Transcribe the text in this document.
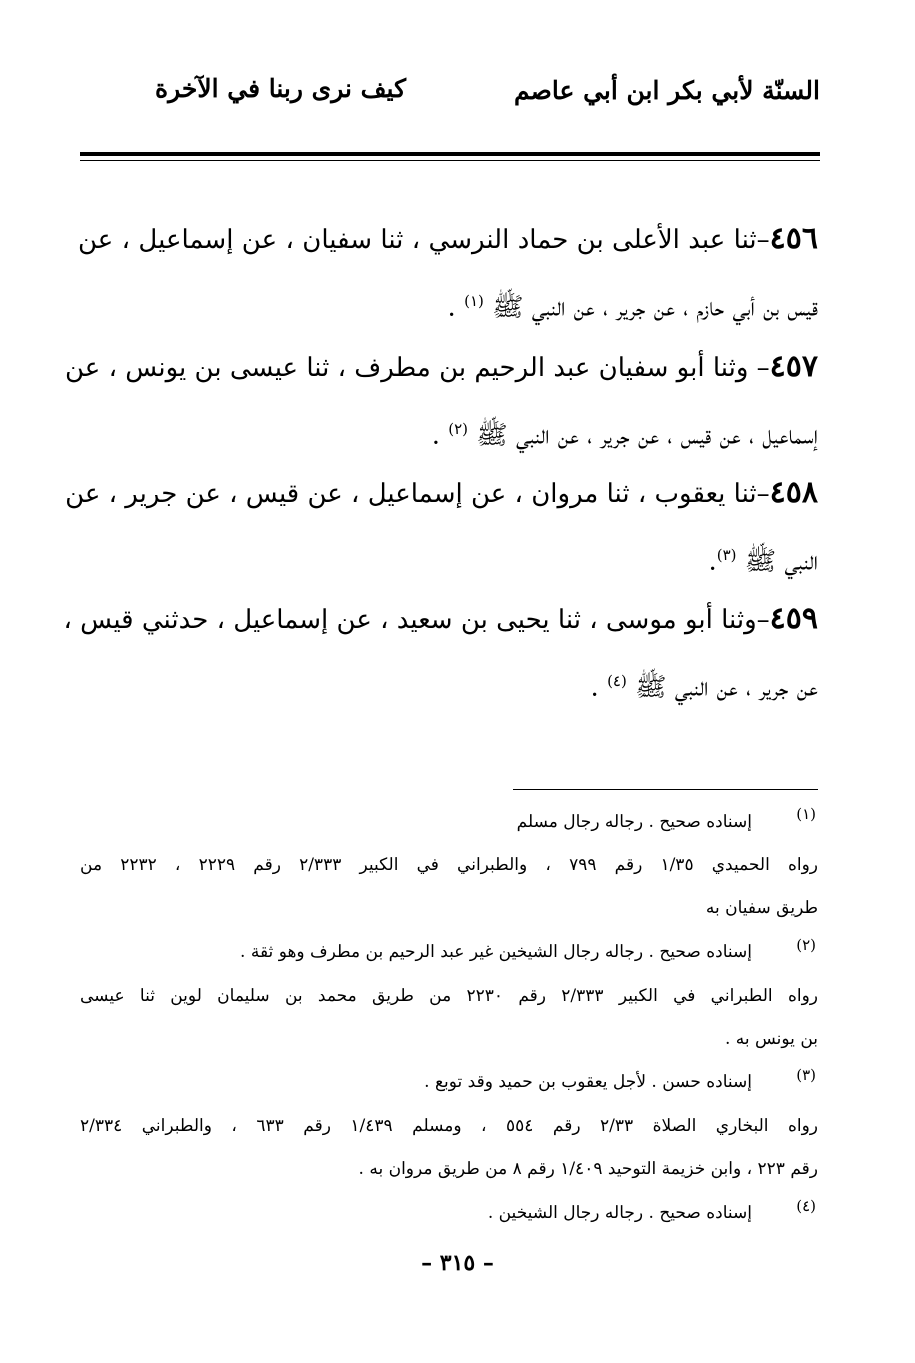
السنّة لأبي بكر ابن أبي عاصم
كيف نرى ربنا في الآخرة
٤٥٦–ثنا عبد الأعلى بن حماد النرسي ، ثنا سفيان ، عن إسماعيل ، عن
قيس بن أبي حازم ، عن جرير ، عن النبي ﷺ $^{(١)}$ .
٤٥٧– وثنا أبو سفيان عبد الرحيم بن مطرف ، ثنا عيسى بن يونس ، عن
إسماعيل ، عن قيس ، عن جرير ، عن النبي ﷺ $^{(٢)}$ .
٤٥٨–ثنا يعقوب ، ثنا مروان ، عن إسماعيل ، عن قيس ، عن جرير ، عن
النبي ﷺ $^{(٣)}$.
٤٥٩–وثنا أبو موسى ، ثنا يحيى بن سعيد ، عن إسماعيل ، حدثني قيس ،
عن جرير ، عن النبي ﷺ $^{(٤)}$ .
(١)
إسناده صحيح . رجاله رجال مسلم
رواه الحميدي ١/٣٥ رقم ٧٩٩ ، والطبراني في الكبير ٢/٣٣٣ رقم ٢٢٢٩ ، ٢٢٣٢ من
طريق سفيان به
(٢)
إسناده صحيح . رجاله رجال الشيخين غير عبد الرحيم بن مطرف وهو ثقة .
رواه الطبراني في الكبير ٢/٣٣٣ رقم ٢٢٣٠ من طريق محمد بن سليمان لوين ثنا عيسى
بن يونس به .
(٣)
إسناده حسن . لأجل يعقوب بن حميد وقد توبع .
رواه البخاري الصلاة ٢/٣٣ رقم ٥٥٤ ، ومسلم ١/٤٣٩ رقم ٦٣٣ ، والطبراني ٢/٣٣٤
رقم ٢٢٣ ، وابن خزيمة التوحيد ١/٤٠٩ رقم ٨ من طريق مروان به .
(٤)
إسناده صحيح . رجاله رجال الشيخين .
– ٣١٥ –
